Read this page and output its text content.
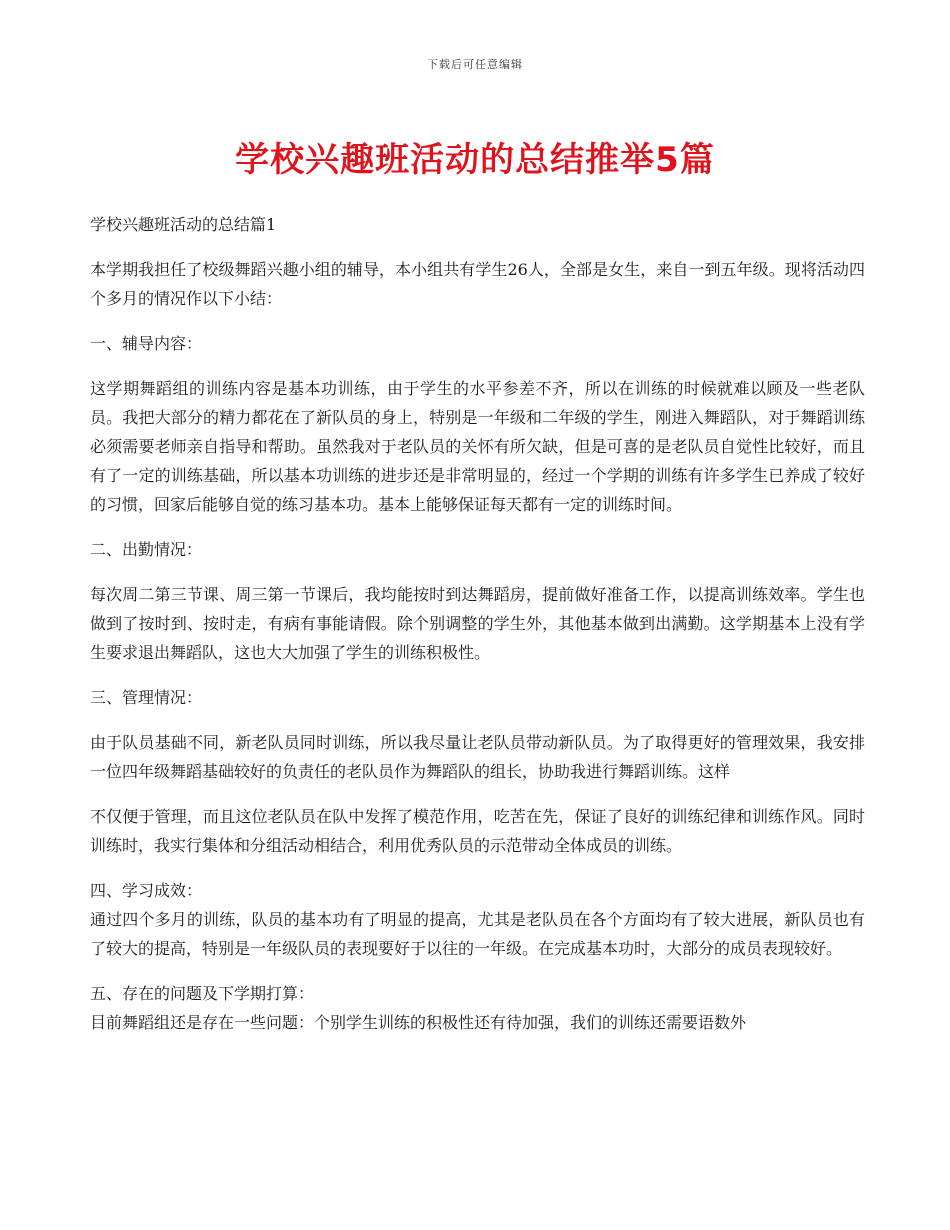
下载后可任意编辑
学校兴趣班活动的总结推举5篇

学校兴趣班活动的总结篇1

本学期我担任了校级舞蹈兴趣小组的辅导，本小组共有学生26人，全部是女生，来自一到五年级。现将活动四个多月的情况作以下小结：

一、辅导内容：

这学期舞蹈组的训练内容是基本功训练，由于学生的水平参差不齐，所以在训练的时候就难以顾及一些老队员。我把大部分的精力都花在了新队员的身上，特别是一年级和二年级的学生，刚进入舞蹈队，对于舞蹈训练必须需要老师亲自指导和帮助。虽然我对于老队员的关怀有所欠缺，但是可喜的是老队员自觉性比较好，而且有了一定的训练基础，所以基本功训练的进步还是非常明显的，经过一个学期的训练有许多学生已养成了较好的习惯，回家后能够自觉的练习基本功。基本上能够保证每天都有一定的训练时间。

二、出勤情况：

每次周二第三节课、周三第一节课后，我均能按时到达舞蹈房，提前做好准备工作，以提高训练效率。学生也做到了按时到、按时走，有病有事能请假。除个别调整的学生外，其他基本做到出满勤。这学期基本上没有学生要求退出舞蹈队，这也大大加强了学生的训练积极性。

三、管理情况：

由于队员基础不同，新老队员同时训练，所以我尽量让老队员带动新队员。为了取得更好的管理效果，我安排一位四年级舞蹈基础较好的负责任的老队员作为舞蹈队的组长，协助我进行舞蹈训练。这样

不仅便于管理，而且这位老队员在队中发挥了模范作用，吃苦在先，保证了良好的训练纪律和训练作风。同时训练时，我实行集体和分组活动相结合，利用优秀队员的示范带动全体成员的训练。

四、学习成效：

通过四个多月的训练，队员的基本功有了明显的提高，尤其是老队员在各个方面均有了较大进展，新队员也有了较大的提高，特别是一年级队员的表现要好于以往的一年级。在完成基本功时，大部分的成员表现较好。

五、存在的问题及下学期打算：

目前舞蹈组还是存在一些问题：个别学生训练的积极性还有待加强，我们的训练还需要语数外
